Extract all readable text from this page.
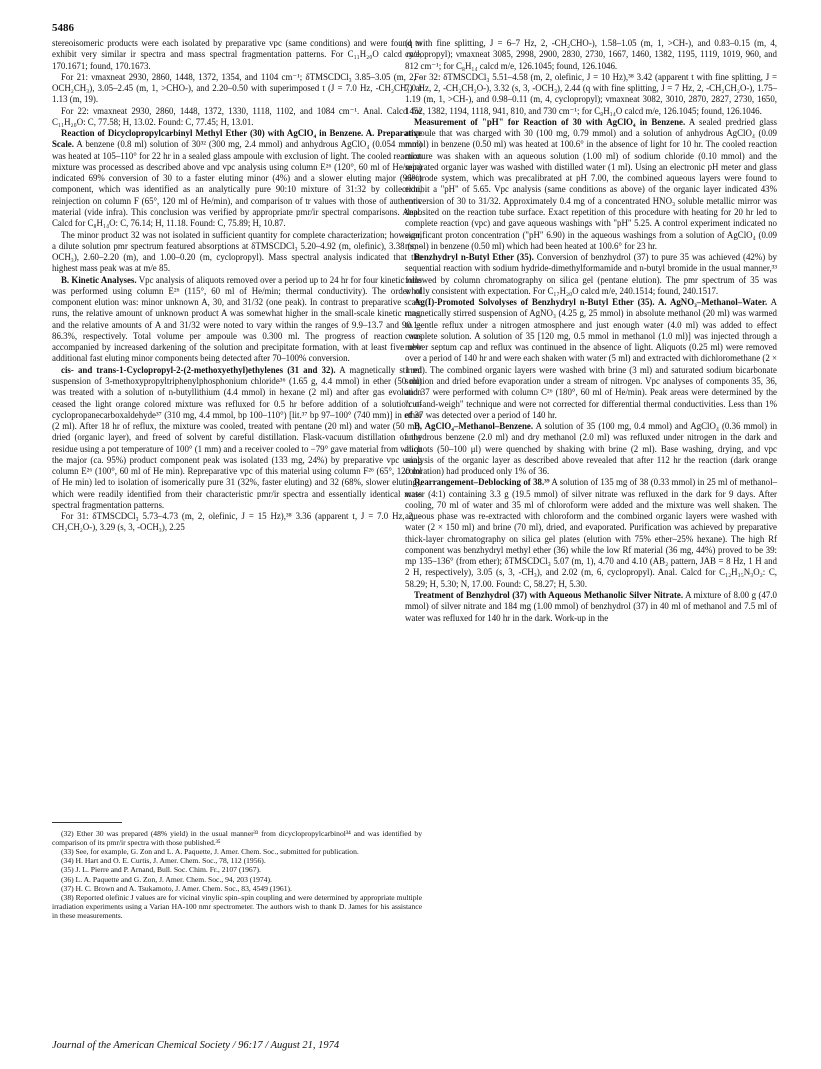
5486

stereoisomeric products were each isolated by preparative vpc (same conditions) and were found to exhibit very similar ir spectra and mass spectral fragmentation patterns. For C₁₁H₂₀O calcd m/e, 170.1671; found, 170.1673.

For 21: νmaxneat 2930, 2860, 1448, 1372, 1354, and 1104 cm⁻¹; δTMSCDCl₃ 3.85–3.05 (m, 2, -OCH₂CH₃), 3.05–2.45 (m, 1, >CHO-), and 2.20–0.50 with superimposed t (J = 7.0 Hz, -CH₂CH₃) at 1.13 (m, 19).

For 22: νmaxneat 2930, 2860, 1448, 1372, 1330, 1118, 1102, and 1084 cm⁻¹. Anal. Calcd for C₁₁H₂₀O: C, 77.58; H, 13.02. Found: C, 77.45; H, 13.01.

Reaction of Dicyclopropylcarbinyl Methyl Ether (30) with AgClO₄ in Benzene. A. Preparative Scale. A benzene (0.8 ml) solution of 30³² (300 mg, 2.4 mmol) and anhydrous AgClO₄ (0.054 mmol) was heated at 105–110° for 22 hr in a sealed glass ampoule with exclusion of light. The cooled reaction mixture was processed as described above and vpc analysis using column E²⁶ (120°, 60 ml of He/min) indicated 69% conversion of 30 to a faster eluting minor (4%) and a slower eluting major (96%) component, which was identified as an analytically pure 90:10 mixture of 31:32 by collection, reinjection on column F (65°, 120 ml of He/min), and comparison of tr values with those of authentic material (vide infra). This conclusion was verified by appropriate pmr/ir spectral comparisons. Anal. Calcd for C₈H₁₄O: C, 76.14; H, 11.18. Found: C, 75.89; H, 10.87.

The minor product 32 was not isolated in sufficient quantity for complete characterization; however, a dilute solution pmr spectrum featured absorptions at δTMSCDCl₃ 5.20–4.92 (m, olefinic), 3.38 (s, -OCH₃), 2.60–2.20 (m), and 1.00–0.20 (m, cyclopropyl). Mass spectral analysis indicated that the highest mass peak was at m/e 85.

B. Kinetic Analyses. Vpc analysis of aliquots removed over a period up to 24 hr for four kinetic runs was performed using column E²⁶ (115°, 60 ml of He/min; thermal conductivity). The order of component elution was: minor unknown A, 30, and 31/32 (one peak). In contrast to preparative scale runs, the relative amount of unknown product A was somewhat higher in the small-scale kinetic runs, and the relative amounts of A and 31/32 were noted to vary within the ranges of 9.9–13.7 and 90.1–86.3%, respectively. Total volume per ampoule was 0.300 ml. The progress of reaction was accompanied by increased darkening of the solution and precipitate formation, with at least five new additional fast eluting minor components being detected after 70–100% conversion.

cis- and trans-1-Cyclopropyl-2-(2-methoxyethyl)ethylenes (31 and 32). A magnetically stirred suspension of 3-methoxypropyltriphenylphosphonium chloride³⁶ (1.65 g, 4.4 mmol) in ether (50 ml) was treated with a solution of n-butyllithium (4.4 mmol) in hexane (2 ml) and after gas evolution ceased the light orange colored mixture was refluxed for 0.5 hr before addition of a solution of cyclopropanecarboxaldehyde³⁷ (310 mg, 4.4 mmol, bp 100–110°) [lit.³⁷ bp 97–100° (740 mm)] in ether (2 ml). After 18 hr of reflux, the mixture was cooled, treated with pentane (20 ml) and water (50 ml), dried (organic layer), and freed of solvent by careful distillation. Flask-vacuum distillation of the residue using a pot temperature of 100° (1 mm) and a receiver cooled to −79° gave material from which the major (ca. 95%) product component peak was isolated (133 mg, 24%) by preparative vpc using column E²⁶ (100°, 60 ml of He min). Repreparative vpc of this material using column F²⁶ (65°, 120 ml of He min) led to isolation of isomerically pure 31 (32%, faster eluting) and 32 (68%, slower eluting), which were readily identified from their characteristic pmr/ir spectra and essentially identical mass spectral fragmentation patterns.

For 31: δTMSCDCl₃ 5.73–4.73 (m, 2, olefinic, J = 15 Hz),³⁸ 3.36 (apparent t, J = 7.0 Hz, 2, -CH₂CH₂O-), 3.29 (s, 3, -OCH₃), 2.25

(q with fine splitting, J = 6–7 Hz, 2, -CH₂CHO-), 1.58–1.05 (m, 1, >CH-), and 0.83–0.15 (m, 4, cyclopropyl); νmaxneat 3085, 2998, 2900, 2830, 2730, 1667, 1460, 1382, 1195, 1119, 1019, 960, and 812 cm⁻¹; for C₈H₁₄ calcd m/e, 126.1045; found, 126.1046.

For 32: δTMSCDCl₃ 5.51–4.58 (m, 2, olefinic, J = 10 Hz),³⁸ 3.42 (apparent t with fine splitting, J = 7.0 Hz, 2, -CH₂CH₂O-), 3.32 (s, 3, -OCH₃), 2.44 (q with fine splitting, J = 7 Hz, 2, -CH₂CH₂O-), 1.75–1.19 (m, 1, >CH-), and 0.98–0.11 (m, 4, cyclopropyl); νmaxneat 3082, 3010, 2870, 2827, 2730, 1650, 1452, 1382, 1194, 1118, 941, 810, and 730 cm⁻¹; for C₈H₁₄O calcd m/e, 126.1045; found, 126.1046.

Measurement of "pH" for Reaction of 30 with AgClO₄ in Benzene. A sealed predried glass ampoule that was charged with 30 (100 mg, 0.79 mmol) and a solution of anhydrous AgClO₄ (0.09 mmol) in benzene (0.50 ml) was heated at 100.6° in the absence of light for 10 hr. The cooled reaction mixture was shaken with an aqueous solution (1.00 ml) of sodium chloride (0.10 mmol) and the separated organic layer was washed with distilled water (1 ml). Using an electronic pH meter and glass electrode system, which was precalibrated at pH 7.00, the combined aqueous layers were found to exhibit a "pH" of 5.65. Vpc analysis (same conditions as above) of the organic layer indicated 43% conversion of 30 to 31/32. Approximately 0.4 mg of a concentrated HNO₃ soluble metallic mirror was deposited on the reaction tube surface. Exact repetition of this procedure with heating for 20 hr led to complete reaction (vpc) and gave aqueous washings with "pH" 5.25. A control experiment indicated no significant proton concentration ("pH" 6.90) in the aqueous washings from a solution of AgClO₄ (0.09 mmol) in benzene (0.50 ml) which had been heated at 100.6° for 23 hr.

Benzhydryl n-Butyl Ether (35). Conversion of benzhydrol (37) to pure 35 was achieved (42%) by sequential reaction with sodium hydride-dimethylformamide and n-butyl bromide in the usual manner,³³ followed by column chromatography on silica gel (pentane elution). The pmr spectrum of 35 was wholly consistent with expectation. For C₁₇H₂₀O calcd m/e, 240.1514; found, 240.1517.

Ag(I)-Promoted Solvolyses of Benzhydryl n-Butyl Ether (35). A. AgNO₃–Methanol–Water. A magnetically stirred suspension of AgNO₃ (4.25 g, 25 mmol) in absolute methanol (20 ml) was warmed to gentle reflux under a nitrogen atmosphere and just enough water (4.0 ml) was added to effect complete solution. A solution of 35 [120 mg, 0.5 mmol in methanol (1.0 ml)] was injected through a rubber septum cap and reflux was continued in the absence of light. Aliquots (0.25 ml) were removed over a period of 140 hr and were each shaken with water (5 ml) and extracted with dichloromethane (2 × 1 ml). The combined organic layers were washed with brine (3 ml) and saturated sodium bicarbonate solution and dried before evaporation under a stream of nitrogen. Vpc analyses of components 35, 36, and 37 were performed with column C²⁶ (180°, 60 ml of He/min). Peak areas were determined by the "cut-and-weigh" technique and were not corrected for differential thermal conductivities. Less than 1% of 37 was detected over a period of 140 hr.

B. AgClO₄–Methanol–Benzene. A solution of 35 (100 mg, 0.4 mmol) and AgClO₄ (0.36 mmol) in anhydrous benzene (2.0 ml) and dry methanol (2.0 ml) was refluxed under nitrogen in the dark and aliquots (50–100 μl) were quenched by shaking with brine (2 ml). Base washing, drying, and vpc analysis of the organic layer as described above revealed that after 112 hr the reaction (dark orange coloration) had produced only 1% of 36.

Rearrangement–Deblocking of 38.³⁹ A solution of 135 mg of 38 (0.33 mmol) in 25 ml of methanol–water (4:1) containing 3.3 g (19.5 mmol) of silver nitrate was refluxed in the dark for 9 days. After cooling, 70 ml of water and 35 ml of chloroform were added and the mixture was well shaken. The aqueous phase was re-extracted with chloroform and the combined organic layers were washed with water (2 × 150 ml) and brine (70 ml), dried, and evaporated. Purification was achieved by preparative thick-layer chromatography on silica gel plates (elution with 75% ether–25% hexane). The high Rf component was benzhydryl methyl ether (36) while the low Rf material (36 mg, 44%) proved to be 39: mp 135–136° (from ether); δTMSCDCl₃ 5.07 (m, 1), 4.70 and 4.10 (AB₂ pattern, JAB = 8 Hz, 1 H and 2 H, respectively), 3.05 (s, 3, -CH₃), and 2.02 (m, 6, cyclopropyl). Anal. Calcd for C₁₂H₁₅N₃O₂: C, 58.29; H, 5.30; N, 17.00. Found: C, 58.27; H, 5.30.

Treatment of Benzhydrol (37) with Aqueous Methanolic Silver Nitrate. A mixture of 8.00 g (47.0 mmol) of silver nitrate and 184 mg (1.00 mmol) of benzhydrol (37) in 40 ml of methanol and 7.5 ml of water was refluxed for 140 hr in the dark. Work-up in the

(32) Ether 30 was prepared (48% yield) in the usual manner³³ from dicyclopropylcarbinol³⁴ and was identified by comparison of its pmr/ir spectra with those published.³⁵

(33) See, for example, G. Zon and L. A. Paquette, J. Amer. Chem. Soc., submitted for publication.

(34) H. Hart and O. E. Curtis, J. Amer. Chem. Soc., 78, 112 (1956).

(35) J. L. Pierre and P. Arnand, Bull. Soc. Chim. Fr., 2107 (1967).

(36) L. A. Paquette and G. Zon, J. Amer. Chem. Soc., 94, 203 (1974).

(37) H. C. Brown and A. Tsukamoto, J. Amer. Chem. Soc., 83, 4549 (1961).

(38) Reported olefinic J values are for vicinal vinylic spin–spin coupling and were determined by appropriate multiple irradiation experiments using a Varian HA-100 nmr spectrometer. The authors wish to thank D. James for his assistance in these measurements.

Journal of the American Chemical Society / 96:17 / August 21, 1974
